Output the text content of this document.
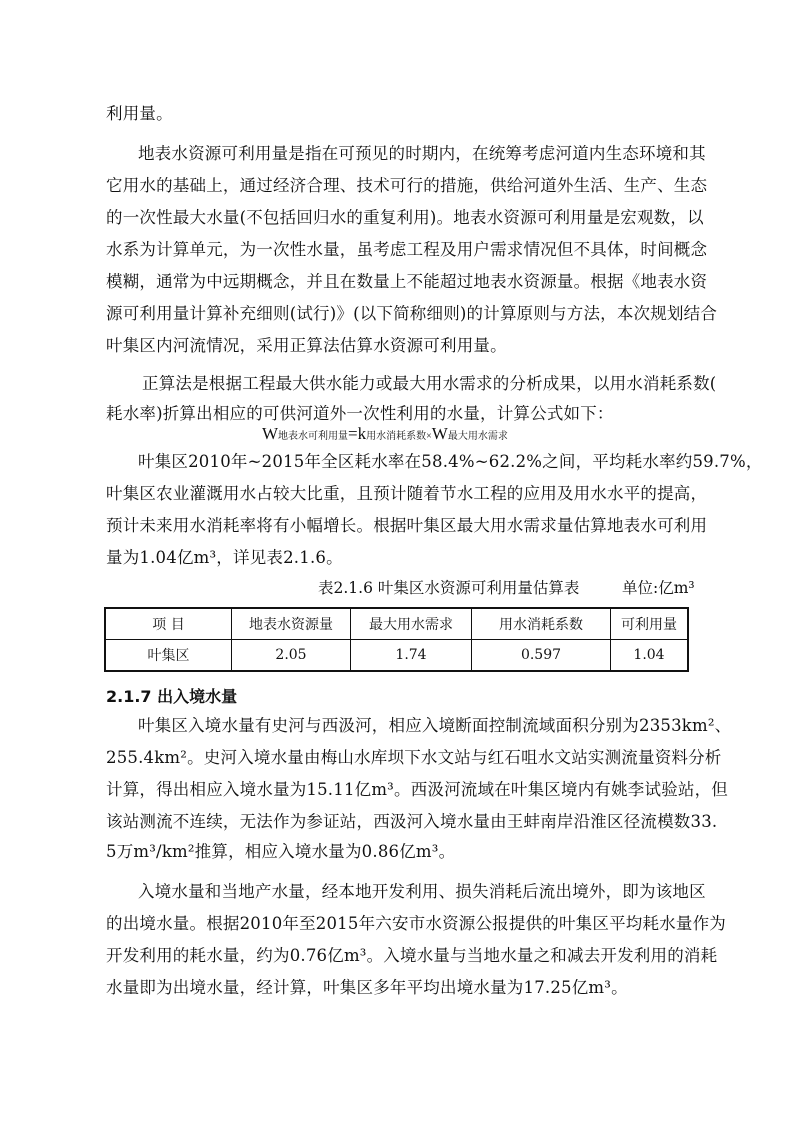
利用量。
地表水资源可利用量是指在可预见的时期内，在统筹考虑河道内生态环境和其
它用水的基础上，通过经济合理、技术可行的措施，供给河道外生活、生产、生态
的一次性最大水量(不包括回归水的重复利用)。地表水资源可利用量是宏观数，以
水系为计算单元，为一次性水量，虽考虑工程及用户需求情况但不具体，时间概念
模糊，通常为中远期概念，并且在数量上不能超过地表水资源量。根据《地表水资
源可利用量计算补充细则(试行)》(以下简称细则)的计算原则与方法，本次规划结合
叶集区内河流情况，采用正算法估算水资源可利用量。
正算法是根据工程最大供水能力或最大用水需求的分析成果，以用水消耗系数(
耗水率)折算出相应的可供河道外一次性利用的水量，计算公式如下：
W地表水可利用量=k用水消耗系数×W最大用水需求
叶集区2010年~2015年全区耗水率在58.4%~62.2%之间，平均耗水率约59.7%，
叶集区农业灌溉用水占较大比重，且预计随着节水工程的应用及用水水平的提高，
预计未来用水消耗率将有小幅增长。根据叶集区最大用水需求量估算地表水可利用
量为1.04亿m³，详见表2.1.6。
表2.1.6 叶集区水资源可利用量估算表	单位:亿m³
项 目	地表水资源量	最大用水需求	用水消耗系数	可利用量
叶集区	2.05	1.74	0.597	1.04
2.1.7 出入境水量
叶集区入境水量有史河与西汲河，相应入境断面控制流域面积分别为2353km²、
255.4km²。史河入境水量由梅山水库坝下水文站与红石咀水文站实测流量资料分析
计算，得出相应入境水量为15.11亿m³。西汲河流域在叶集区境内有姚李试验站，但
该站测流不连续，无法作为参证站，西汲河入境水量由王蚌南岸沿淮区径流模数33.
5万m³/km²推算，相应入境水量为0.86亿m³。
入境水量和当地产水量，经本地开发利用、损失消耗后流出境外，即为该地区
的出境水量。根据2010年至2015年六安市水资源公报提供的叶集区平均耗水量作为
开发利用的耗水量，约为0.76亿m³。入境水量与当地水量之和减去开发利用的消耗
水量即为出境水量，经计算，叶集区多年平均出境水量为17.25亿m³。
